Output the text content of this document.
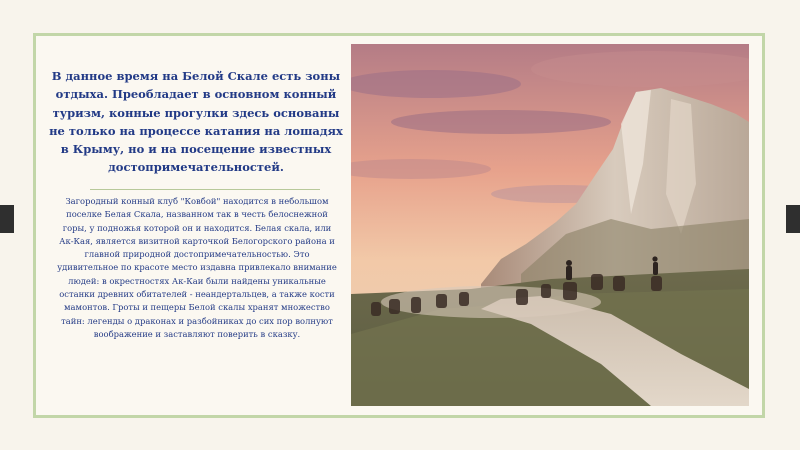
В данное время на Белой Скале есть зоны отдыха. Преобладает в основном конный туризм, конные прогулки здесь основаны не только на процессе катания на лошадях в Крыму, но и на посещение известных достопримечательностей.

Загородный конный клуб "Ковбой" находится в небольшом поселке Белая Скала, названном так в честь белоснежной горы, у подножья которой он и находится. Белая скала, или Ак-Кая, является визитной карточкой Белогорского района и главной природной достопримечательностью. Это удивительное по красоте место издавна привлекало внимание людей: в окрестностях Ак-Каи были найдены уникальные останки древних обитателей - неандертальцев, а также кости мамонтов. Гроты и пещеры Белой скалы хранят множество тайн: легенды о драконах и разбойниках до сих пор волнуют воображение и заставляют поверить в сказку.
